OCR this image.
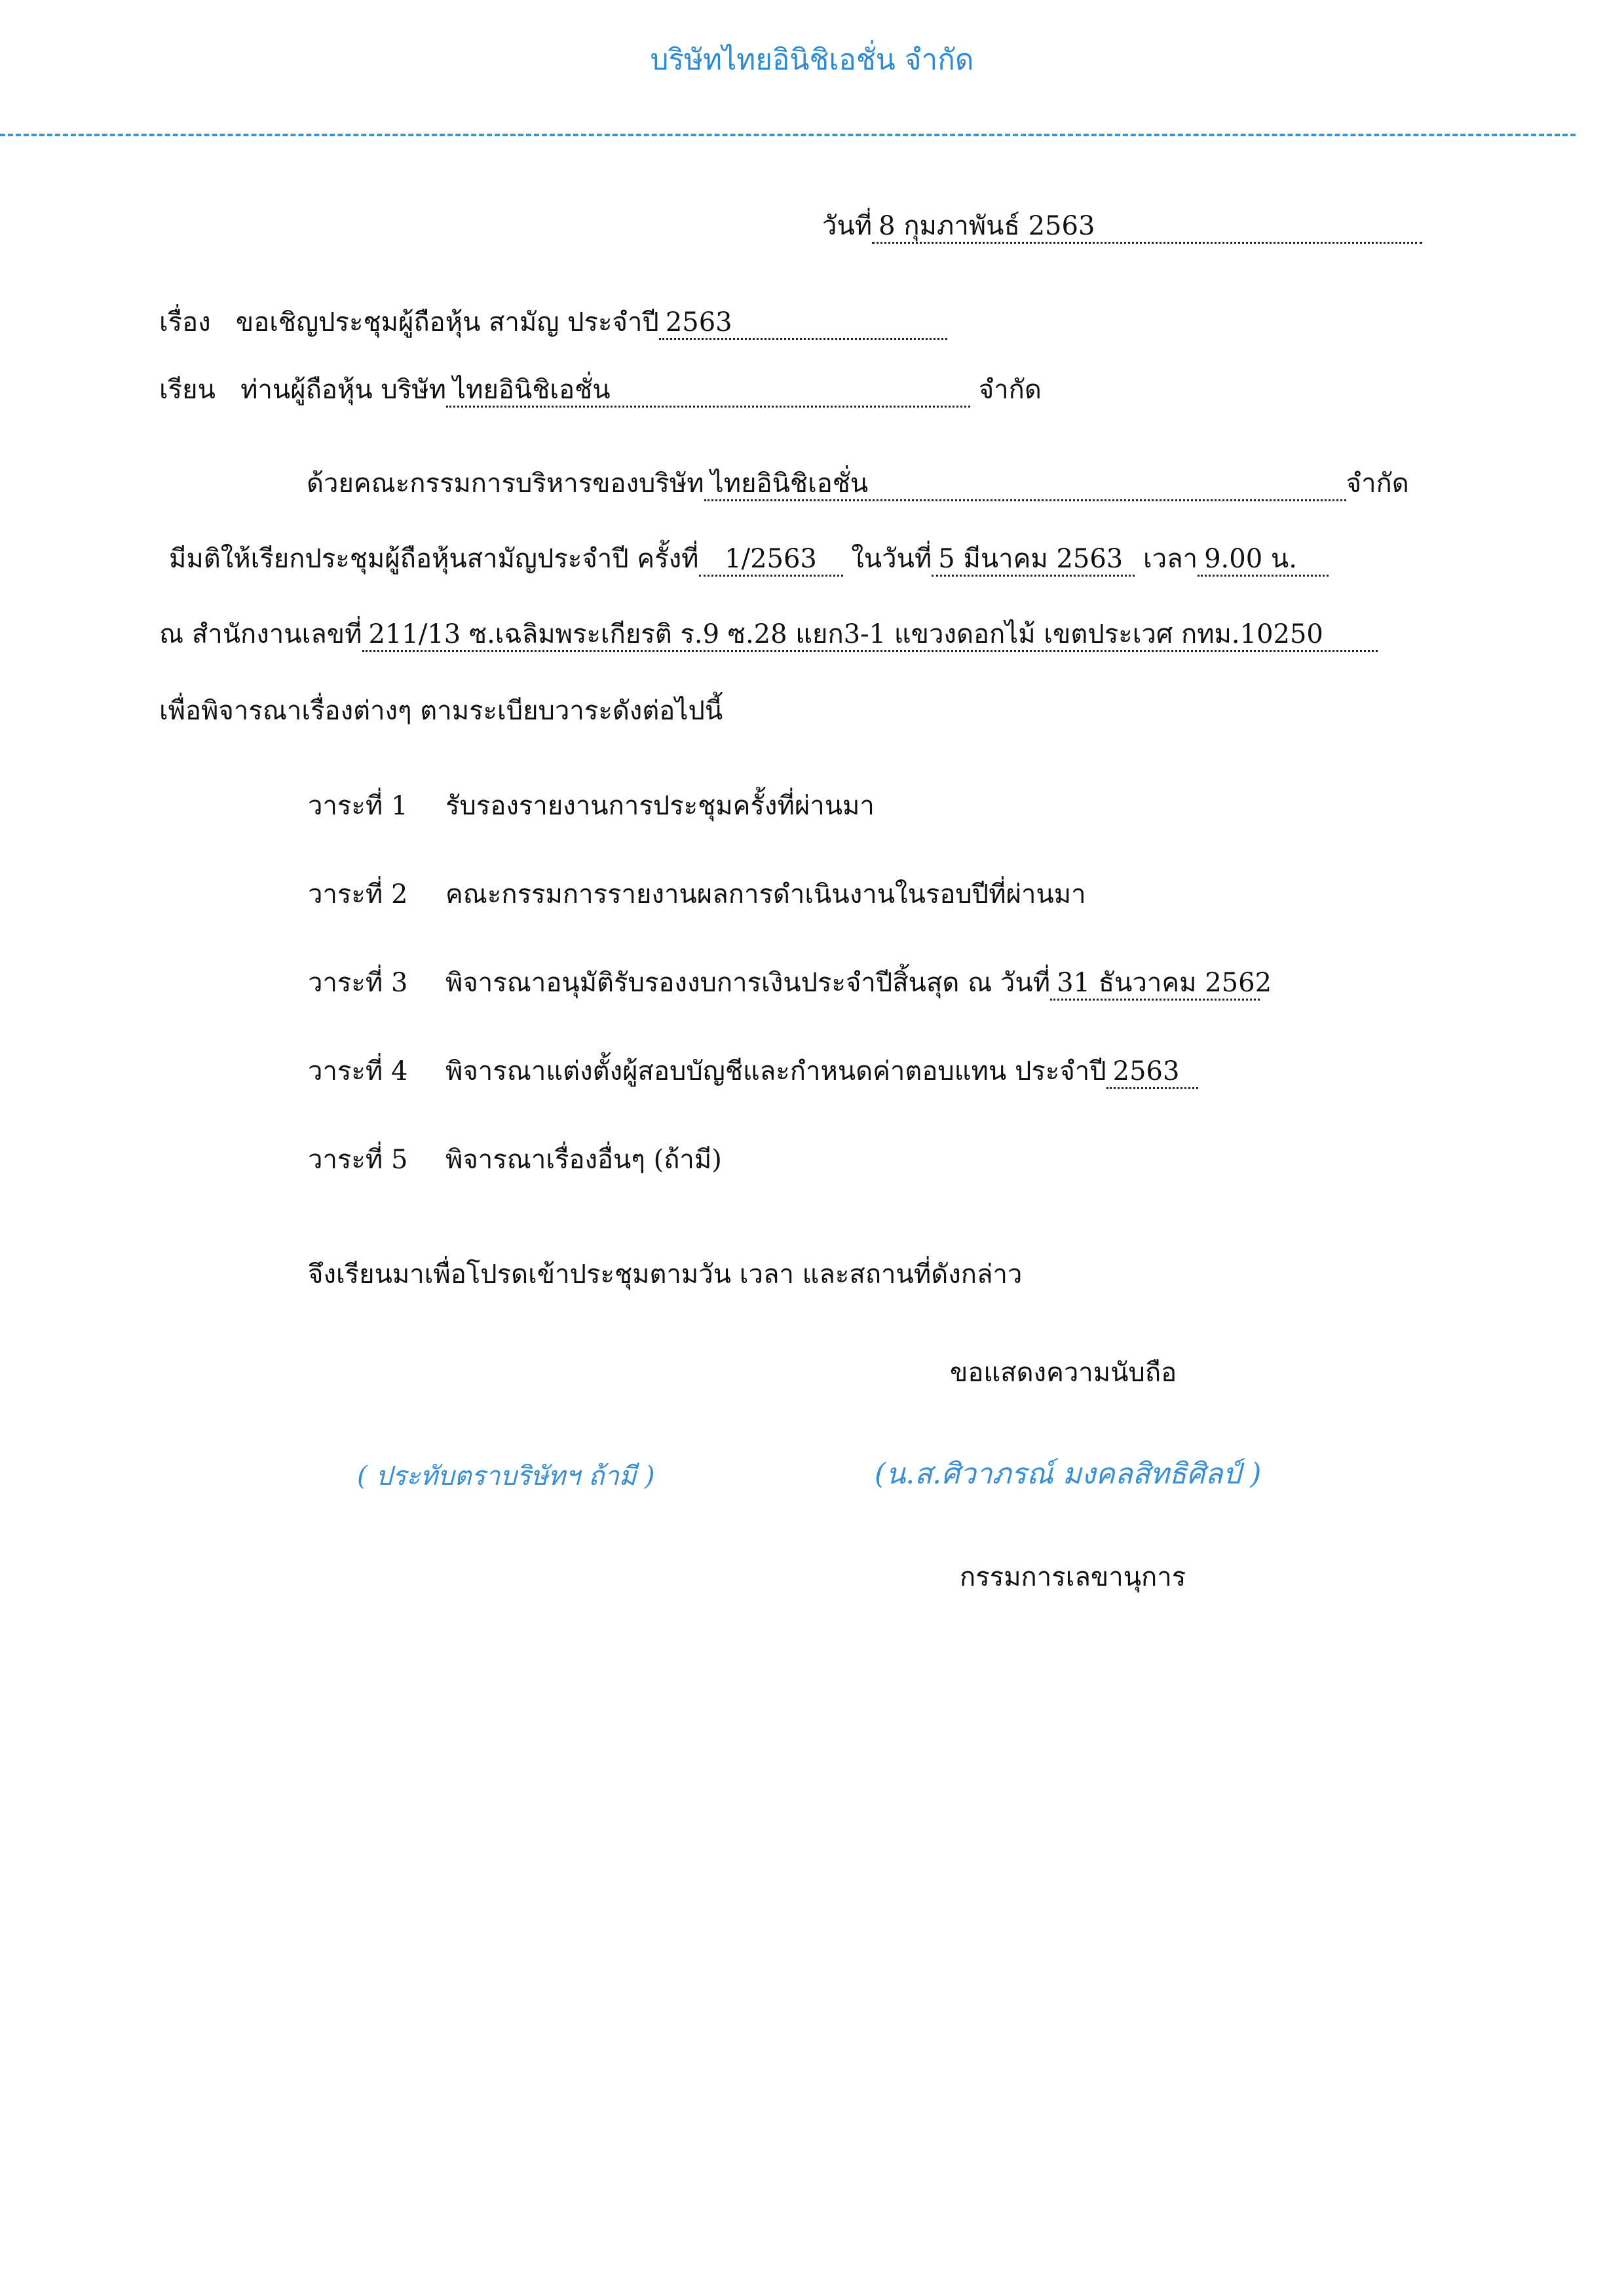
บริษัทไทยอินิชิเอชั่น จำกัด
วันที่ 8 กุมภาพันธ์ 2563
เรื่อง ขอเชิญประชุมผู้ถือหุ้น สามัญ ประจำปี 2563
เรียน ท่านผู้ถือหุ้น บริษัท ไทยอินิชิเอชั่น	จำกัด
ด้วยคณะกรรมการบริหารของบริษัท ไทยอินิชิเอชั่น	จำกัด
มีมติให้เรียกประชุมผู้ถือหุ้นสามัญประจำปี ครั้งที่ 1/2563 ในวันที่ 5 มีนาคม 2563 เวลา 9.00 น.
ณ สำนักงานเลขที่ 211/13 ซ.เฉลิมพระเกียรติ ร.9 ซ.28 แยก3-1 แขวงดอกไม้ เขตประเวศ กทม.10250
เพื่อพิจารณาเรื่องต่างๆ ตามระเบียบวาระดังต่อไปนี้
วาระที่ 1 รับรองรายงานการประชุมครั้งที่ผ่านมา
วาระที่ 2 คณะกรรมการรายงานผลการดำเนินงานในรอบปีที่ผ่านมา
วาระที่ 3 พิจารณาอนุมัติรับรองงบการเงินประจำปีสิ้นสุด ณ วันที่ 31 ธันวาคม 2562
วาระที่ 4 พิจารณาแต่งตั้งผู้สอบบัญชีและกำหนดค่าตอบแทน ประจำปี 2563
วาระที่ 5 พิจารณาเรื่องอื่นๆ (ถ้ามี)
จึงเรียนมาเพื่อโปรดเข้าประชุมตามวัน เวลา และสถานที่ดังกล่าว
ขอแสดงความนับถือ
( ประทับตราบริษัทฯ ถ้ามี )	(น.ส.ศิวาภรณ์ มงคลสิทธิศิลป์ )
กรรมการเลขานุการ
